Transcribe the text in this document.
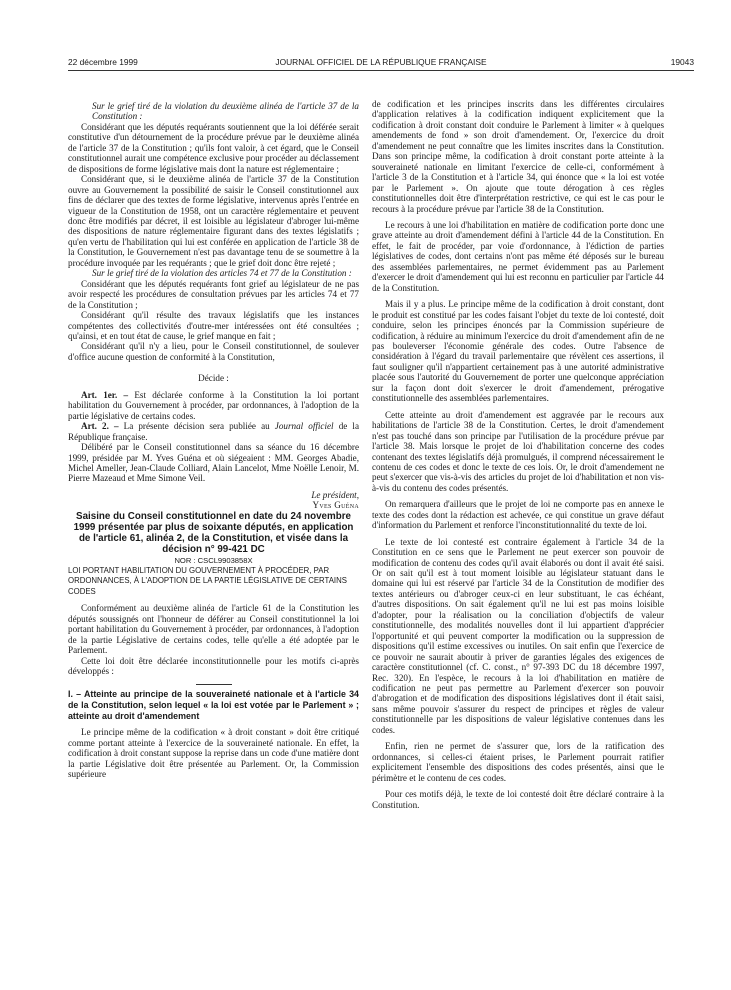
22 décembre 1999	JOURNAL OFFICIEL DE LA RÉPUBLIQUE FRANÇAISE	19043

Sur le grief tiré de la violation du deuxième alinéa de l'article 37 de la Constitution :

Considérant que les députés requérants soutiennent que la loi déférée serait constitutive d'un détournement de la procédure prévue par le deuxième alinéa de l'article 37 de la Constitution ; qu'ils font valoir, à cet égard, que le Conseil constitutionnel aurait une compétence exclusive pour procéder au déclassement de dispositions de forme législative mais dont la nature est réglementaire ;

Considérant que, si le deuxième alinéa de l'article 37 de la Constitution ouvre au Gouvernement la possibilité de saisir le Conseil constitutionnel aux fins de déclarer que des textes de forme législative, intervenus après l'entrée en vigueur de la Constitution de 1958, ont un caractère réglementaire et peuvent donc être modifiés par décret, il est loisible au législateur d'abroger lui-même des dispositions de nature réglementaire figurant dans des textes législatifs ; qu'en vertu de l'habilitation qui lui est conférée en application de l'article 38 de la Constitution, le Gouvernement n'est pas davantage tenu de se soumettre à la procédure invoquée par les requérants ; que le grief doit donc être rejeté ;

Sur le grief tiré de la violation des articles 74 et 77 de la Constitution :

Considérant que les députés requérants font grief au législateur de ne pas avoir respecté les procédures de consultation prévues par les articles 74 et 77 de la Constitution ;

Considérant qu'il résulte des travaux législatifs que les instances compétentes des collectivités d'outre-mer intéressées ont été consultées ; qu'ainsi, et en tout état de cause, le grief manque en fait ;

Considérant qu'il n'y a lieu, pour le Conseil constitutionnel, de soulever d'office aucune question de conformité à la Constitution,

Décide :

Art. 1er. – Est déclarée conforme à la Constitution la loi portant habilitation du Gouvernement à procéder, par ordonnances, à l'adoption de la partie législative de certains codes.

Art. 2. – La présente décision sera publiée au Journal officiel de la République française.

Délibéré par le Conseil constitutionnel dans sa séance du 16 décembre 1999, présidée par M. Yves Guéna et où siégeaient : MM. Georges Abadie, Michel Ameller, Jean-Claude Colliard, Alain Lancelot, Mme Noëlle Lenoir, M. Pierre Mazeaud et Mme Simone Veil.

Le président,

Yves Guéna

Saisine du Conseil constitutionnel en date du 24 novembre 1999 présentée par plus de soixante députés, en application de l'article 61, alinéa 2, de la Constitution, et visée dans la décision n° 99-421 DC

NOR : CSCL9903858X

LOI PORTANT HABILITATION DU GOUVERNEMENT À PROCÉDER, PAR ORDONNANCES, À L'ADOPTION DE LA PARTIE LÉGISLATIVE DE CERTAINS CODES

Conformément au deuxième alinéa de l'article 61 de la Constitution les députés soussignés ont l'honneur de déférer au Conseil constitutionnel la loi portant habilitation du Gouvernement à procéder, par ordonnances, à l'adoption de la partie Législative de certains codes, telle qu'elle a été adoptée par le Parlement.

Cette loi doit être déclarée inconstitutionnelle pour les motifs ci-après développés :

I. – Atteinte au principe de la souveraineté nationale et à l'article 34 de la Constitution, selon lequel « la loi est votée par le Parlement » ; atteinte au droit d'amendement

Le principe même de la codification « à droit constant » doit être critiqué comme portant atteinte à l'exercice de la souveraineté nationale. En effet, la codification à droit constant suppose la reprise dans un code d'une matière dont la partie Législative doit être présentée au Parlement. Or, la Commission supérieure

de codification et les principes inscrits dans les différentes circulaires d'application relatives à la codification indiquent explicitement que la codification à droit constant doit conduire le Parlement à limiter « à quelques amendements de fond » son droit d'amendement. Or, l'exercice du droit d'amendement ne peut connaître que les limites inscrites dans la Constitution. Dans son principe même, la codification à droit constant porte atteinte à la souveraineté nationale en limitant l'exercice de celle-ci, conformément à l'article 3 de la Constitution et à l'article 34, qui énonce que « la loi est votée par le Parlement ». On ajoute que toute dérogation à ces règles constitutionnelles doit être d'interprétation restrictive, ce qui est le cas pour le recours à la procédure prévue par l'article 38 de la Constitution.

Le recours à une loi d'habilitation en matière de codification porte donc une grave atteinte au droit d'amendement défini à l'article 44 de la Constitution. En effet, le fait de procéder, par voie d'ordonnance, à l'édiction de parties législatives de codes, dont certains n'ont pas même été déposés sur le bureau des assemblées parlementaires, ne permet évidemment pas au Parlement d'exercer le droit d'amendement qui lui est reconnu en particulier par l'article 44 de la Constitution.

Mais il y a plus. Le principe même de la codification à droit constant, dont le produit est constitué par les codes faisant l'objet du texte de loi contesté, doit conduire, selon les principes énoncés par la Commission supérieure de codification, à réduire au minimum l'exercice du droit d'amendement afin de ne pas bouleverser l'économie générale des codes. Outre l'absence de considération à l'égard du travail parlementaire que révèlent ces assertions, il faut souligner qu'il n'appartient certainement pas à une autorité administrative placée sous l'autorité du Gouvernement de porter une quelconque appréciation sur la façon dont doit s'exercer le droit d'amendement, prérogative constitutionnelle des assemblées parlementaires.

Cette atteinte au droit d'amendement est aggravée par le recours aux habilitations de l'article 38 de la Constitution. Certes, le droit d'amendement n'est pas touché dans son principe par l'utilisation de la procédure prévue par l'article 38. Mais lorsque le projet de loi d'habilitation concerne des codes contenant des textes législatifs déjà promulgués, il comprend nécessairement le contenu de ces codes et donc le texte de ces lois. Or, le droit d'amendement ne peut s'exercer que vis-à-vis des articles du projet de loi d'habilitation et non vis-à-vis du contenu des codes présentés.

On remarquera d'ailleurs que le projet de loi ne comporte pas en annexe le texte des codes dont la rédaction est achevée, ce qui constitue un grave défaut d'information du Parlement et renforce l'inconstitutionnalité du texte de loi.

Le texte de loi contesté est contraire également à l'article 34 de la Constitution en ce sens que le Parlement ne peut exercer son pouvoir de modification de contenu des codes qu'il avait élaborés ou dont il avait été saisi. Or on sait qu'il est à tout moment loisible au législateur statuant dans le domaine qui lui est réservé par l'article 34 de la Constitution de modifier des textes antérieurs ou d'abroger ceux-ci en leur substituant, le cas échéant, d'autres dispositions. On sait également qu'il ne lui est pas moins loisible d'adopter, pour la réalisation ou la conciliation d'objectifs de valeur constitutionnelle, des modalités nouvelles dont il lui appartient d'apprécier l'opportunité et qui peuvent comporter la modification ou la suppression de dispositions qu'il estime excessives ou inutiles. On sait enfin que l'exercice de ce pouvoir ne saurait aboutir à priver de garanties légales des exigences de caractère constitutionnel (cf. C. const., n° 97-393 DC du 18 décembre 1997, Rec. 320). En l'espèce, le recours à la loi d'habilitation en matière de codification ne peut pas permettre au Parlement d'exercer son pouvoir d'abrogation et de modification des dispositions législatives dont il était saisi, sans même pouvoir s'assurer du respect de principes et règles de valeur constitutionnelle par les dispositions de valeur législative contenues dans les codes.

Enfin, rien ne permet de s'assurer que, lors de la ratification des ordonnances, si celles-ci étaient prises, le Parlement pourrait ratifier explicitement l'ensemble des dispositions des codes présentés, ainsi que le périmètre et le contenu de ces codes.

Pour ces motifs déjà, le texte de loi contesté doit être déclaré contraire à la Constitution.
